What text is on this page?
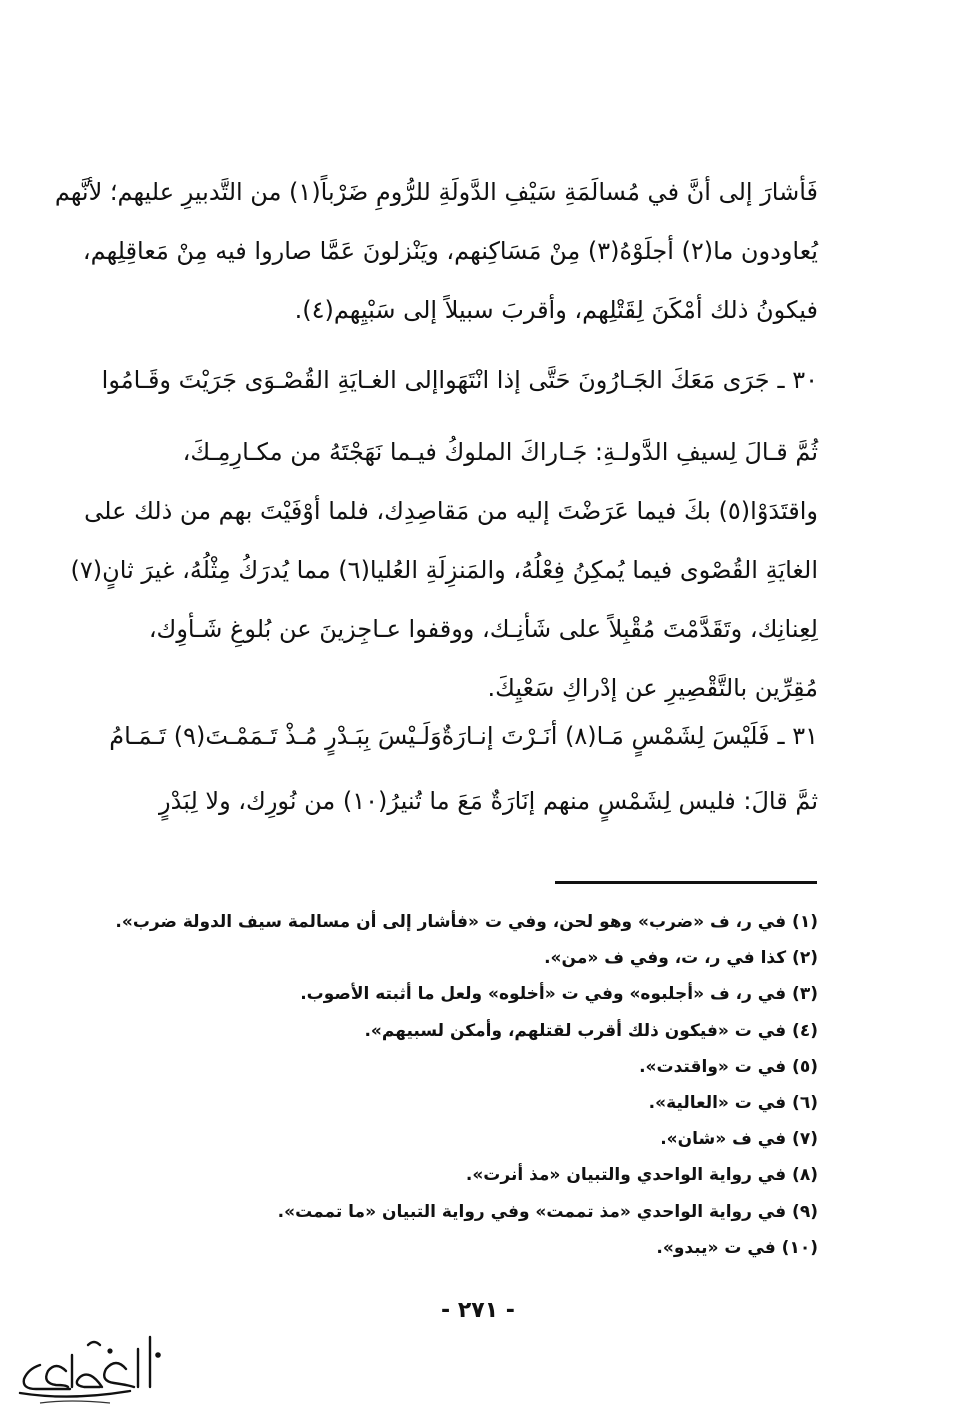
فَأشارَ إلى أنَّ في مُسالَمَةِ سَيْفِ الدَّولَةِ للرُّومِ ضَرْباً(١) من التَّدبيرِ عليهم؛ لأنَّهم
يُعاودون ما(٢) أجلَوْهُ(٣) مِنْ مَسَاكِنهم، ويَنْزلونَ عَمَّا صاروا فيه مِنْ مَعاقِلِهم،
فيكونُ ذلك أمْكَنَ لِقَتْلِهم، وأقربَ سبيلاً إلى سَبْيِهم(٤).
٣٠ ـ
جَرَى مَعَكَ الجَـارُونَ حَتَّى إذا انْتَهَوا
إلى الغـايَةِ القُصْـوَى جَرَيْتَ وقَـامُوا
ثُمَّ قـالَ لِسيفِ الدَّولـةِ: جَـاراكَ الملوكُ فيـما نَهَجْتَهُ من مكـارِمِـكَ،
واقتَدَوْا(٥) بكَ فيما عَرَضْتَ إليه من مَقاصِدِك، فلما أوْفَيْتَ بهم من ذلك على
الغايَةِ القُصْوى فيما يُمكِنُ فِعْلُهُ، والمَنزِلَةِ العُليا(٦) مما يُدرَكُ مِثْلُهُ، غيرَ ثانٍ(٧)
لِعِنانِك، وتَقَدَّمْتَ مُقْبِلاً على شَأنِـك، ووقفوا عـاجِزينَ عن بُلوغِ شَـأوِك،
مُقِرِّين بالتَّقْصِيرِ عن إدْراكِ سَعْيِكَ.
٣١ ـ
فَلَيْسَ لِشَمْسٍ مَـا(٨) أنَـرْتَ إنـارَةٌ
وَلَـيْسَ بِبَـدْرٍ مُـذْ تَـمَمْـتَ(٩) تَـمَـامُ
ثمَّ قالَ: فليس لِشَمْسٍ منهم إنَارَةٌ مَعَ ما تُنيرُ(١٠) من نُورِك، ولا لِبَدْرٍ
(١) في ر، ف «ضرب» وهو لحن، وفي ت «فأشار إلى أن مسالمة سيف الدولة ضرب».
(٢) كذا في ر، ت، وفي ف «من».
(٣) في ر، ف «أجلبوه» وفي ت «أخلوه» ولعل ما أثبته الأصوب.
(٤) في ت «فيكون ذلك أقرب لقتلهم، وأمكن لسبيهم».
(٥) في ت «واقتدت».
(٦) في ت «العالية».
(٧) في ف «شان».
(٨) في رواية الواحدي والتبيان «مذ أنرت».
(٩) في رواية الواحدي «مذ تممت» وفي رواية التبيان «ما تممت».
(١٠) في ت «يبدو».
- ٢٧١ -
